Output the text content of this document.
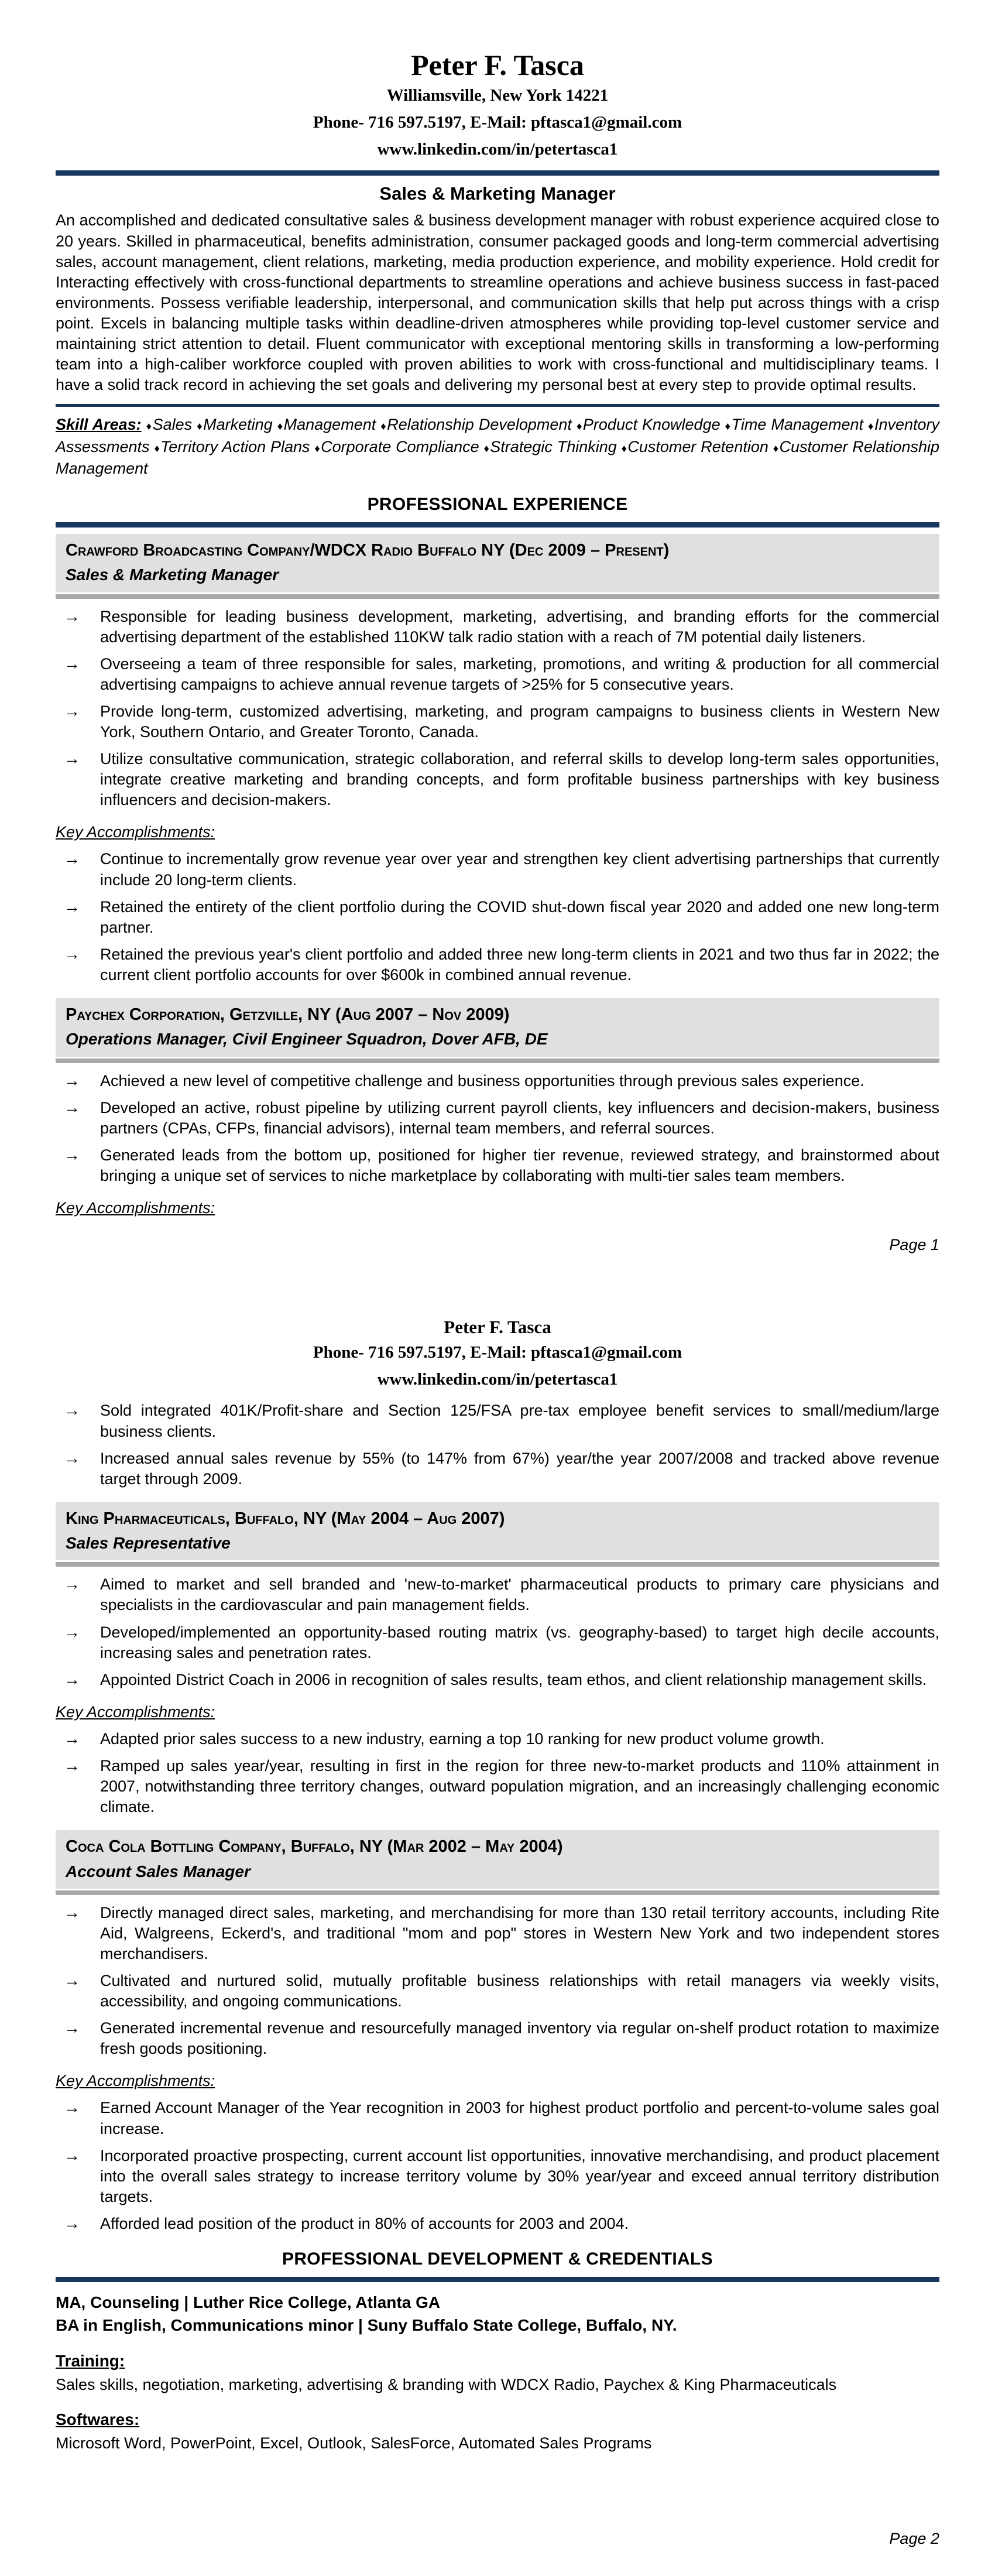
Peter F. Tasca
Williamsville, New York 14221
Phone- 716 597.5197, E-Mail: pftasca1@gmail.com
www.linkedin.com/in/petertasca1
Sales & Marketing Manager

An accomplished and dedicated consultative sales & business development manager with robust experience acquired close to 20 years. Skilled in pharmaceutical, benefits administration, consumer packaged goods and long-term commercial advertising sales, account management, client relations, marketing, media production experience, and mobility experience. Hold credit for Interacting effectively with cross-functional departments to streamline operations and achieve business success in fast-paced environments. Possess verifiable leadership, interpersonal, and communication skills that help put across things with a crisp point. Excels in balancing multiple tasks within deadline-driven atmospheres while providing top-level customer service and maintaining strict attention to detail. Fluent communicator with exceptional mentoring skills in transforming a low-performing team into a high-caliber workforce coupled with proven abilities to work with cross-functional and multidisciplinary teams. I have a solid track record in achieving the set goals and delivering my personal best at every step to provide optimal results.

Skill Areas: ♦ Sales ♦ Marketing ♦ Management ♦ Relationship Development ♦ Product Knowledge ♦ Time Management ♦ Inventory Assessments ♦ Territory Action Plans ♦ Corporate Compliance ♦ Strategic Thinking ♦ Customer Retention ♦ Customer Relationship Management

PROFESSIONAL EXPERIENCE
Crawford Broadcasting Company/WDCX Radio Buffalo NY (Dec 2009 – Present)
Sales & Marketing Manager
→ Responsible for leading business development, marketing, advertising, and branding efforts for the commercial advertising department of the established 110KW talk radio station with a reach of 7M potential daily listeners.
→ Overseeing a team of three responsible for sales, marketing, promotions, and writing & production for all commercial advertising campaigns to achieve annual revenue targets of >25% for 5 consecutive years.
→ Provide long-term, customized advertising, marketing, and program campaigns to business clients in Western New York, Southern Ontario, and Greater Toronto, Canada.
→ Utilize consultative communication, strategic collaboration, and referral skills to develop long-term sales opportunities, integrate creative marketing and branding concepts, and form profitable business partnerships with key business influencers and decision-makers.
Key Accomplishments:
→ Continue to incrementally grow revenue year over year and strengthen key client advertising partnerships that currently include 20 long-term clients.
→ Retained the entirety of the client portfolio during the COVID shut-down fiscal year 2020 and added one new long-term partner.
→ Retained the previous year's client portfolio and added three new long-term clients in 2021 and two thus far in 2022; the current client portfolio accounts for over $600k in combined annual revenue.
Paychex Corporation, Getzville, NY (Aug 2007 – Nov 2009)
Operations Manager, Civil Engineer Squadron, Dover AFB, DE
→ Achieved a new level of competitive challenge and business opportunities through previous sales experience.
→ Developed an active, robust pipeline by utilizing current payroll clients, key influencers and decision-makers, business partners (CPAs, CFPs, financial advisors), internal team members, and referral sources.
→ Generated leads from the bottom up, positioned for higher tier revenue, reviewed strategy, and brainstormed about bringing a unique set of services to niche marketplace by collaborating with multi-tier sales team members.
Key Accomplishments:
Page 1
Peter F. Tasca
Phone- 716 597.5197, E-Mail: pftasca1@gmail.com
www.linkedin.com/in/petertasca1
→ Sold integrated 401K/Profit-share and Section 125/FSA pre-tax employee benefit services to small/medium/large business clients.
→ Increased annual sales revenue by 55% (to 147% from 67%) year/the year 2007/2008 and tracked above revenue target through 2009.
King Pharmaceuticals, Buffalo, NY (May 2004 – Aug 2007)
Sales Representative
→ Aimed to market and sell branded and 'new-to-market' pharmaceutical products to primary care physicians and specialists in the cardiovascular and pain management fields.
→ Developed/implemented an opportunity-based routing matrix (vs. geography-based) to target high decile accounts, increasing sales and penetration rates.
→ Appointed District Coach in 2006 in recognition of sales results, team ethos, and client relationship management skills.
Key Accomplishments:
→ Adapted prior sales success to a new industry, earning a top 10 ranking for new product volume growth.
→ Ramped up sales year/year, resulting in first in the region for three new-to-market products and 110% attainment in 2007, notwithstanding three territory changes, outward population migration, and an increasingly challenging economic climate.
Coca Cola Bottling Company, Buffalo, NY (Mar 2002 – May 2004)
Account Sales Manager
→ Directly managed direct sales, marketing, and merchandising for more than 130 retail territory accounts, including Rite Aid, Walgreens, Eckerd's, and traditional "mom and pop" stores in Western New York and two independent stores merchandisers.
→ Cultivated and nurtured solid, mutually profitable business relationships with retail managers via weekly visits, accessibility, and ongoing communications.
→ Generated incremental revenue and resourcefully managed inventory via regular on-shelf product rotation to maximize fresh goods positioning.
Key Accomplishments:
→ Earned Account Manager of the Year recognition in 2003 for highest product portfolio and percent-to-volume sales goal increase.
→ Incorporated proactive prospecting, current account list opportunities, innovative merchandising, and product placement into the overall sales strategy to increase territory volume by 30% year/year and exceed annual territory distribution targets.
→ Afforded lead position of the product in 80% of accounts for 2003 and 2004.
PROFESSIONAL DEVELOPMENT & CREDENTIALS
MA, Counseling | Luther Rice College, Atlanta GA
BA in English, Communications minor | Suny Buffalo State College, Buffalo, NY.
Training:
Sales skills, negotiation, marketing, advertising & branding with WDCX Radio, Paychex & King Pharmaceuticals
Softwares:
Microsoft Word, PowerPoint, Excel, Outlook, SalesForce, Automated Sales Programs
Page 2
